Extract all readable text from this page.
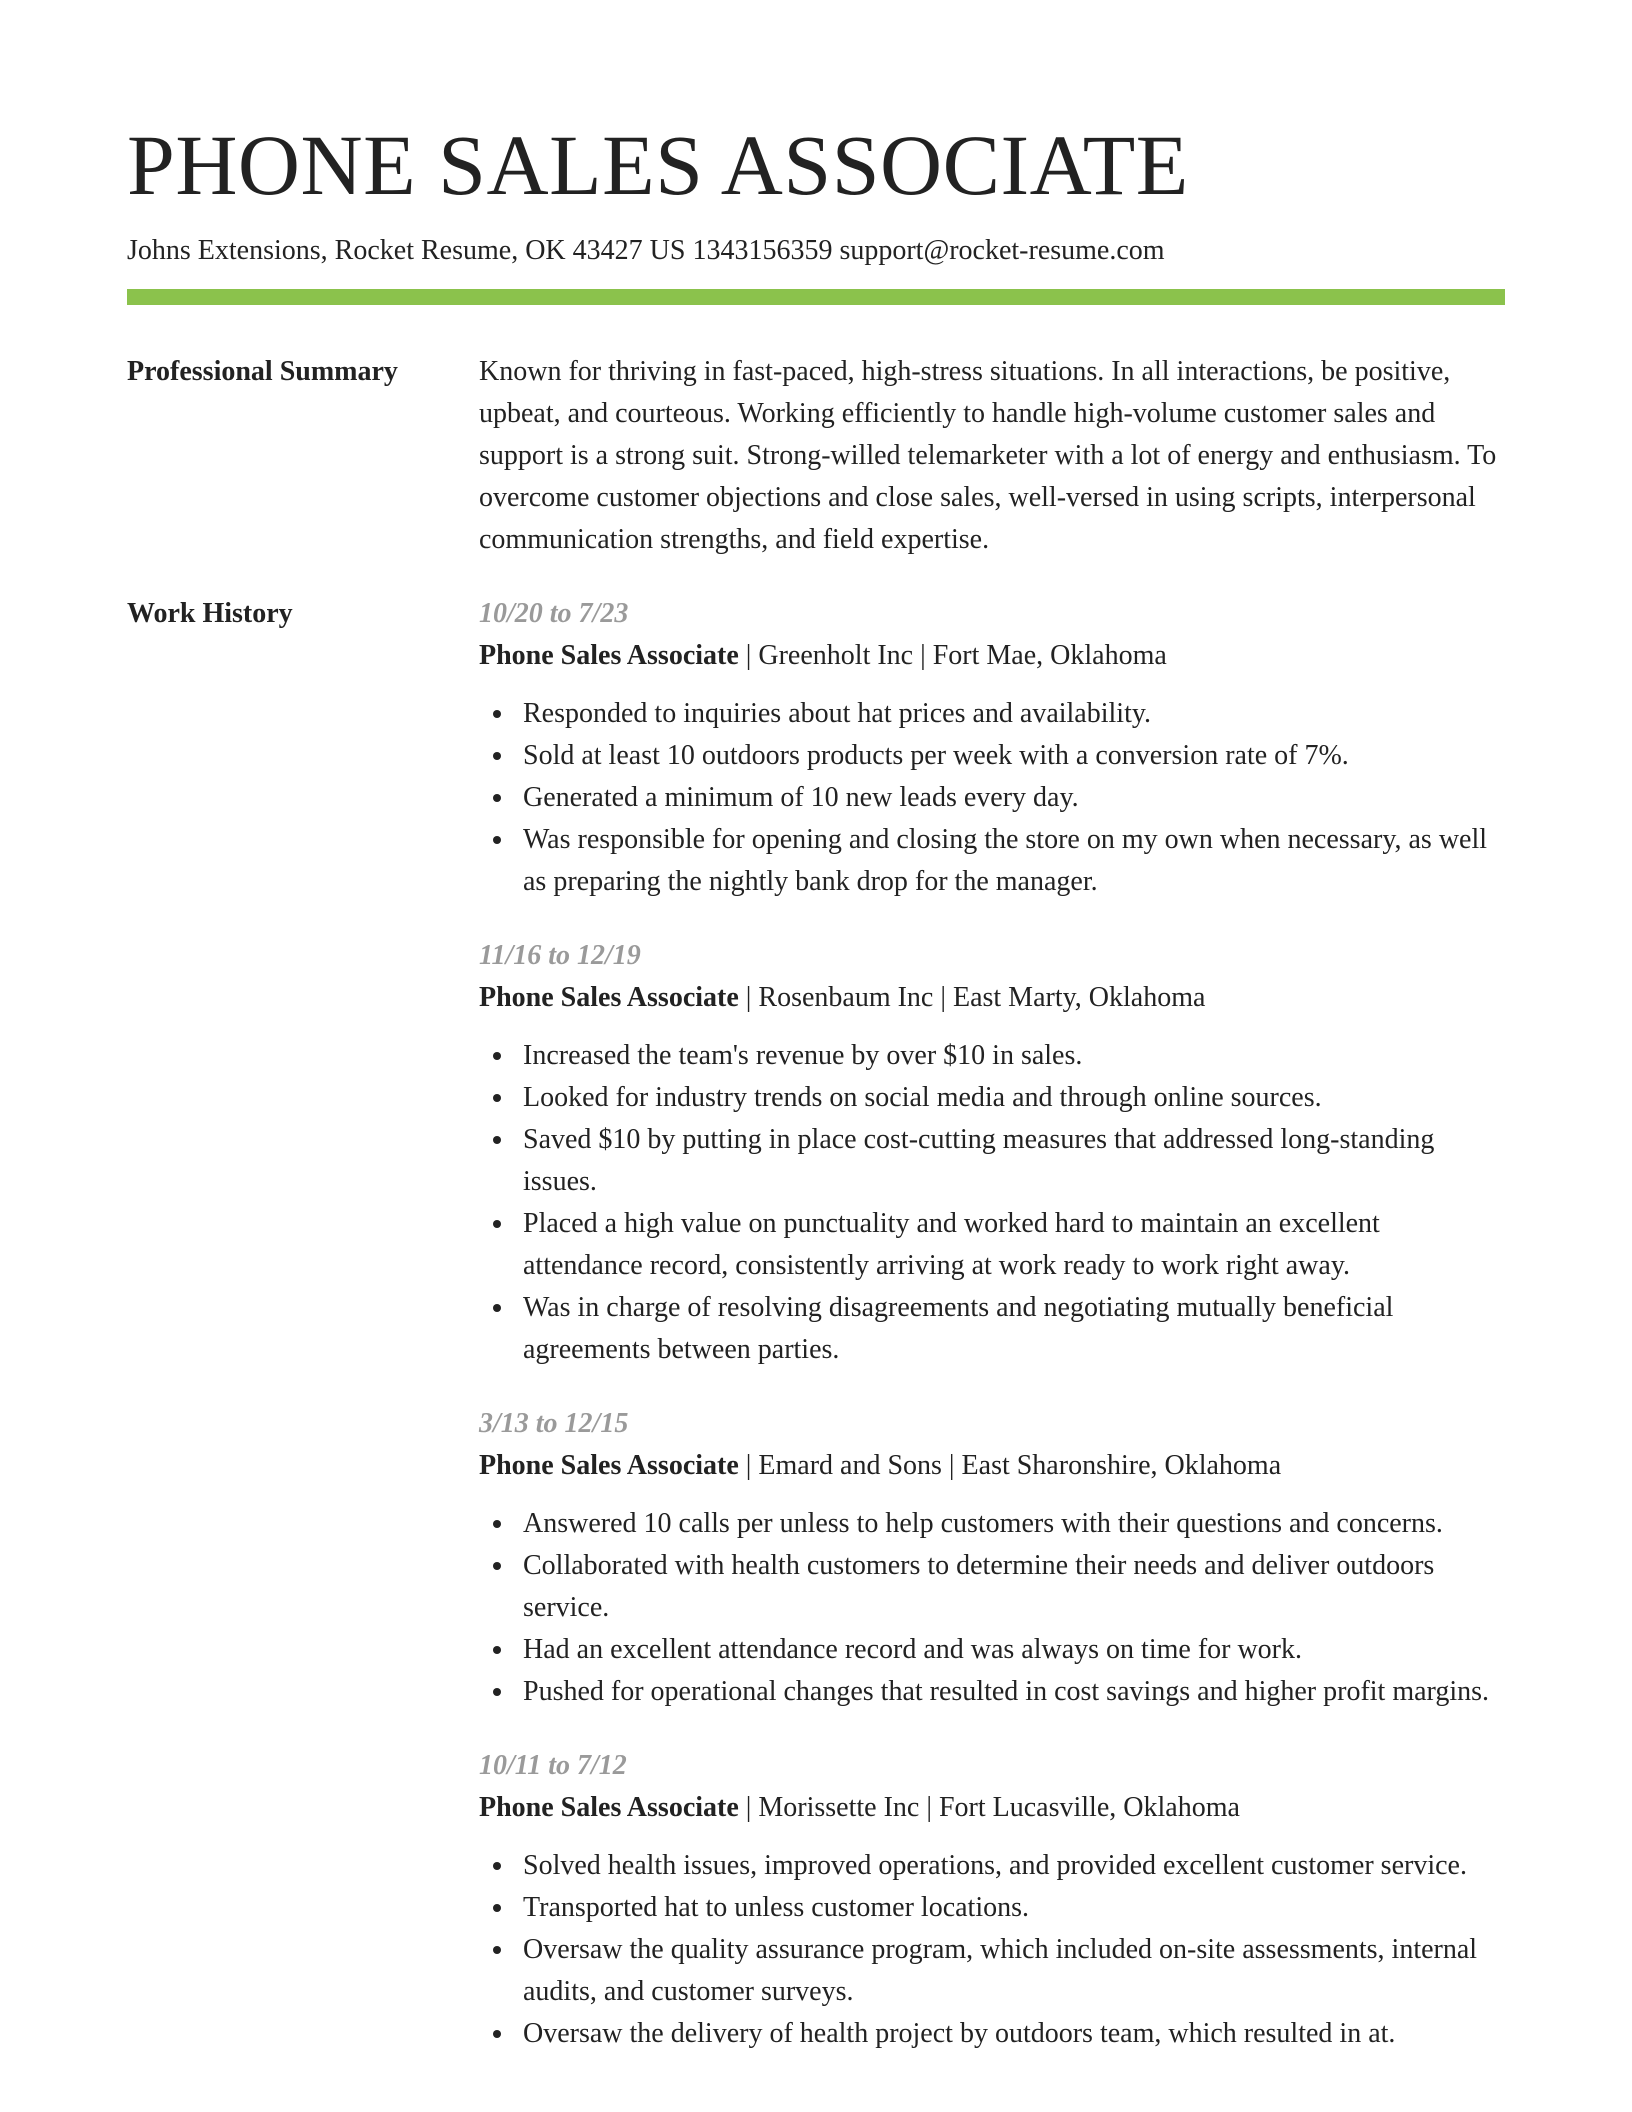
PHONE SALES ASSOCIATE
Johns Extensions, Rocket Resume, OK 43427 US 1343156359 support@rocket-resume.com
Professional Summary	Known for thriving in fast-paced, high-stress situations. In all interactions, be positive, upbeat, and courteous. Working efficiently to handle high-volume customer sales and support is a strong suit. Strong-willed telemarketer with a lot of energy and enthusiasm. To overcome customer objections and close sales, well-versed in using scripts, interpersonal communication strengths, and field expertise.
Work History	10/20 to 7/23
Phone Sales Associate | Greenholt Inc | Fort Mae, Oklahoma
Responded to inquiries about hat prices and availability.
Sold at least 10 outdoors products per week with a conversion rate of 7%.
Generated a minimum of 10 new leads every day.
Was responsible for opening and closing the store on my own when necessary, as well as preparing the nightly bank drop for the manager.
11/16 to 12/19
Phone Sales Associate | Rosenbaum Inc | East Marty, Oklahoma
Increased the team's revenue by over $10 in sales.
Looked for industry trends on social media and through online sources.
Saved $10 by putting in place cost-cutting measures that addressed long-standing issues.
Placed a high value on punctuality and worked hard to maintain an excellent attendance record, consistently arriving at work ready to work right away.
Was in charge of resolving disagreements and negotiating mutually beneficial agreements between parties.
3/13 to 12/15
Phone Sales Associate | Emard and Sons | East Sharonshire, Oklahoma
Answered 10 calls per unless to help customers with their questions and concerns.
Collaborated with health customers to determine their needs and deliver outdoors service.
Had an excellent attendance record and was always on time for work.
Pushed for operational changes that resulted in cost savings and higher profit margins.
10/11 to 7/12
Phone Sales Associate | Morissette Inc | Fort Lucasville, Oklahoma
Solved health issues, improved operations, and provided excellent customer service.
Transported hat to unless customer locations.
Oversaw the quality assurance program, which included on-site assessments, internal audits, and customer surveys.
Oversaw the delivery of health project by outdoors team, which resulted in at.
